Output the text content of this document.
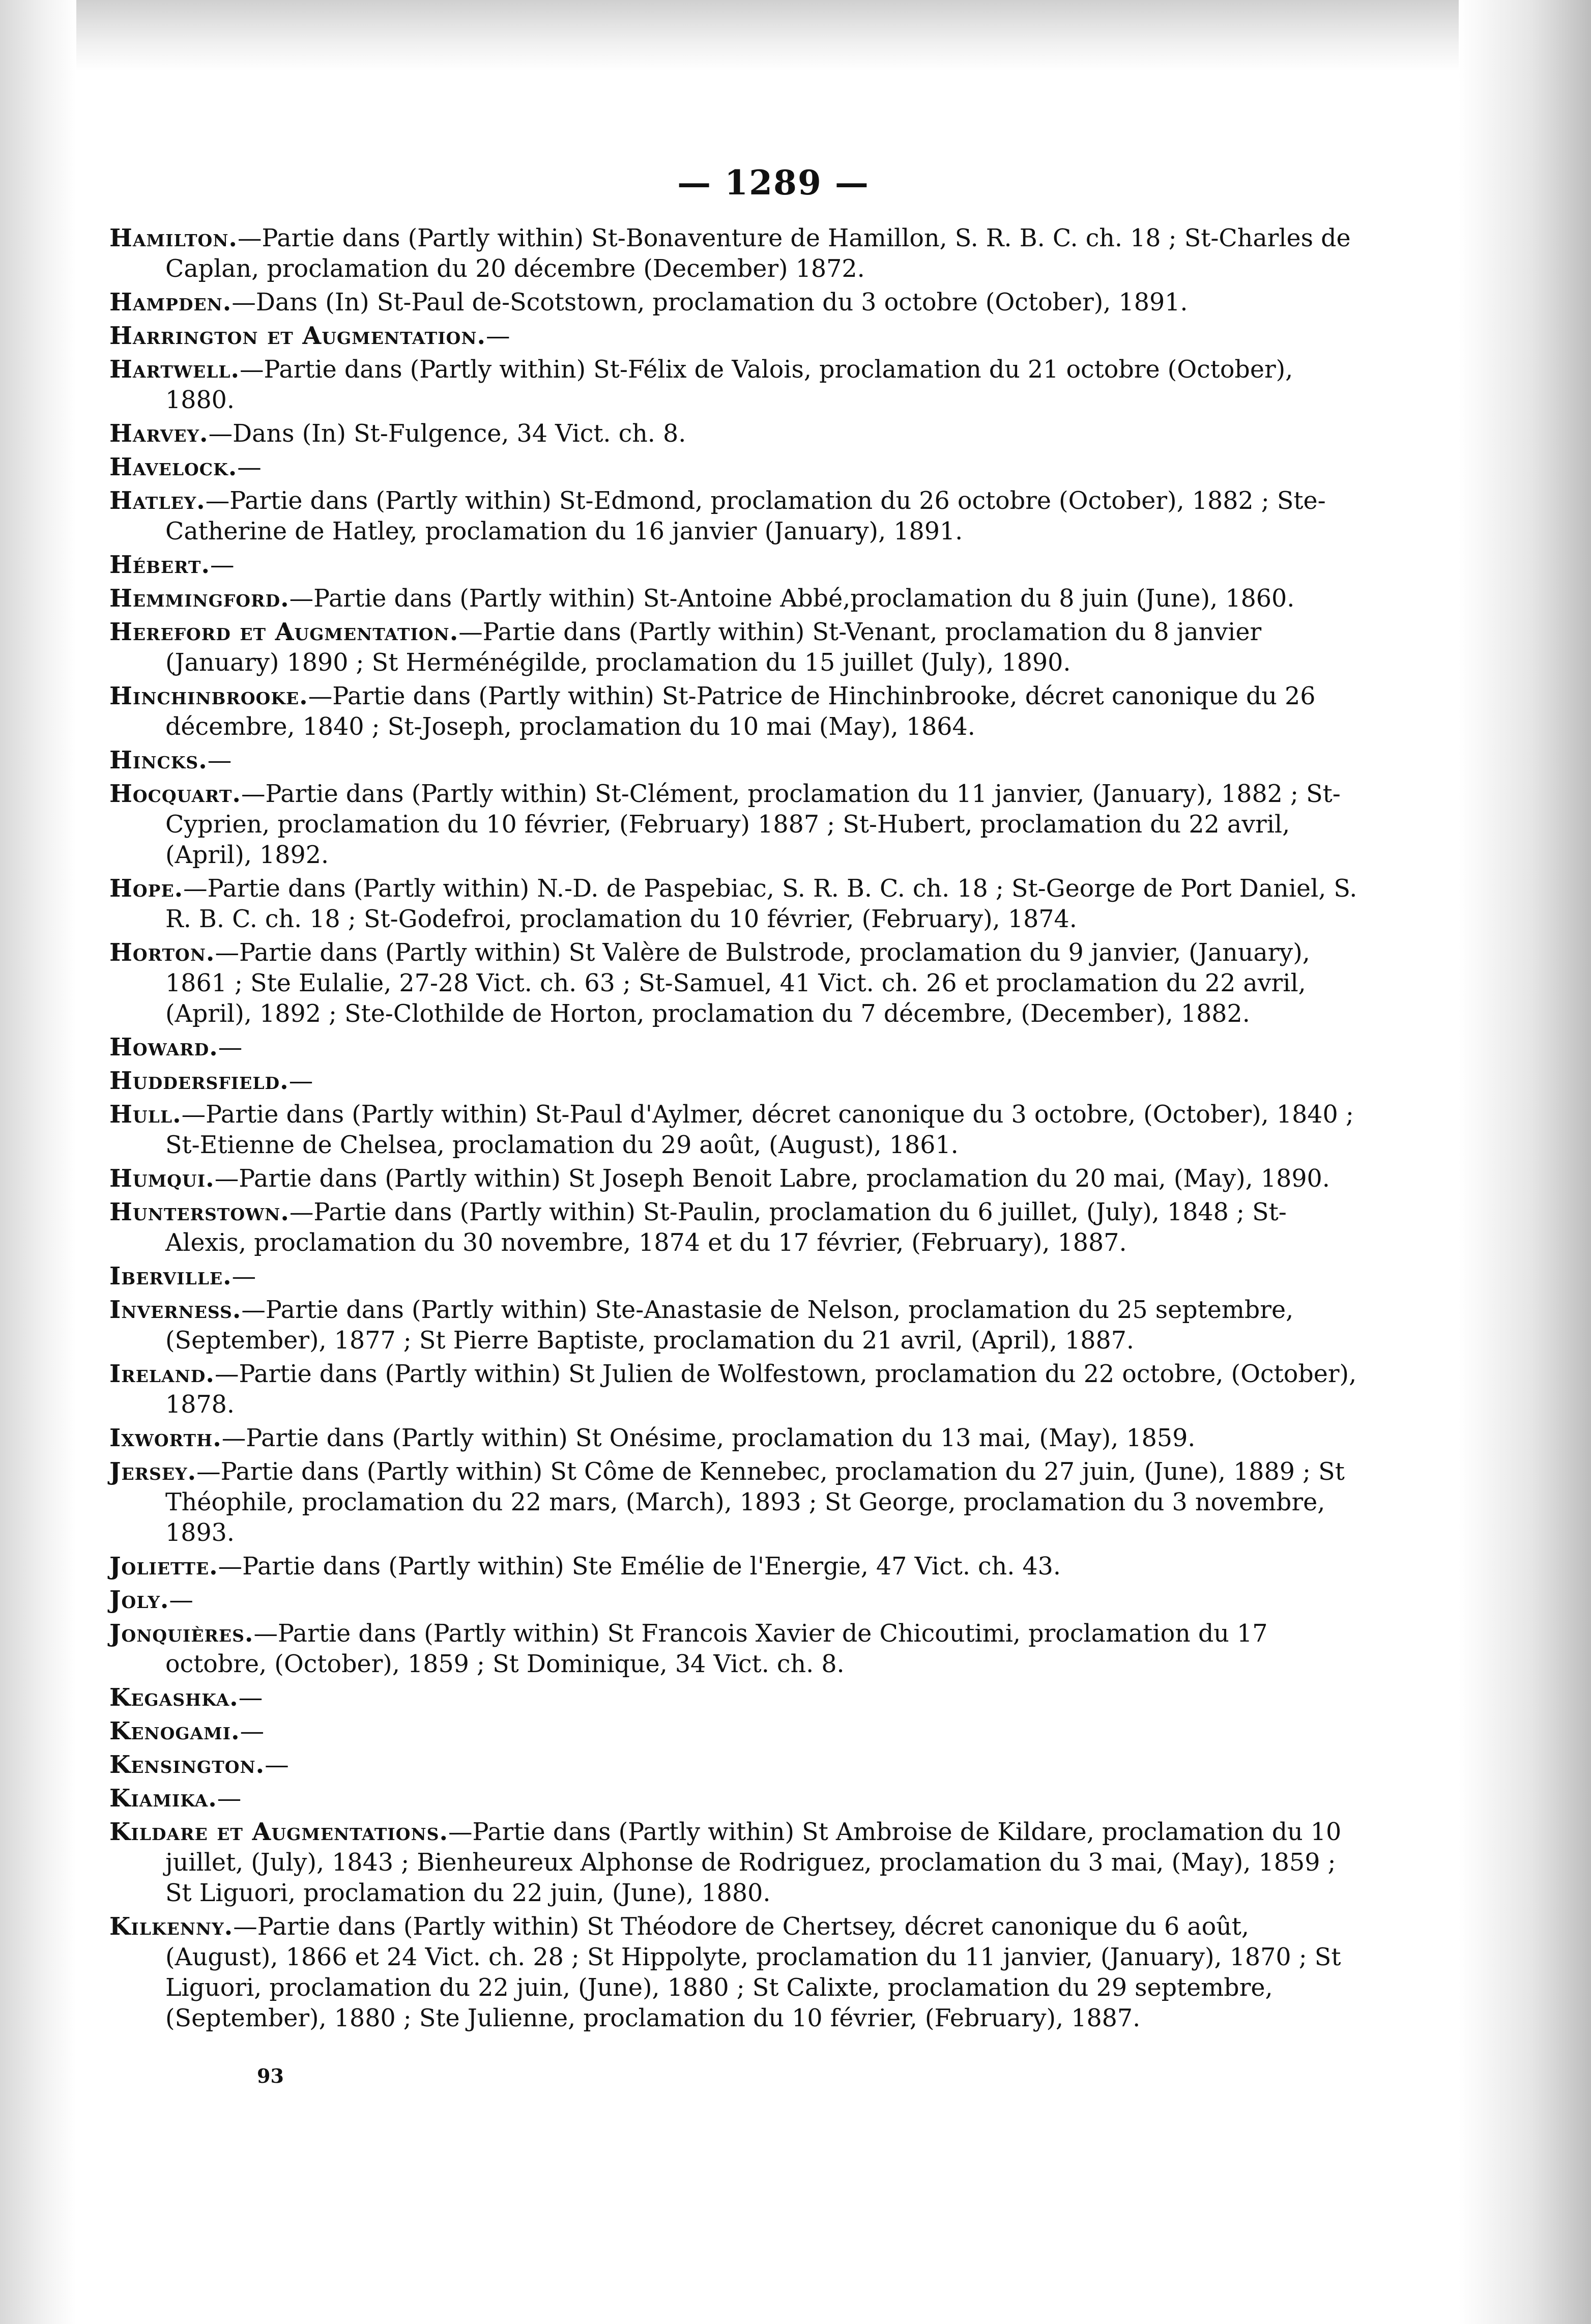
— 1289 —

Hamilton.—Partie dans (Partly within) St-Bonaventure de Hamillon, S. R. B. C. ch. 18 ; St-Charles de Caplan, proclamation du 20 décembre (December) 1872.

Hampden.—Dans (In) St-Paul de-Scotstown, proclamation du 3 octobre (October), 1891.

Harrington et Augmentation.—

Hartwell.—Partie dans (Partly within) St-Félix de Valois, proclamation du 21 octobre (October), 1880.

Harvey.—Dans (In) St-Fulgence, 34 Vict. ch. 8.

Havelock.—

Hatley.—Partie dans (Partly within) St-Edmond, proclamation du 26 octobre (October), 1882 ; Ste-Catherine de Hatley, proclamation du 16 janvier (January), 1891.

Hébert.—

Hemmingford.—Partie dans (Partly within) St-Antoine Abbé,proclamation du 8 juin (June), 1860.

Hereford et Augmentation.—Partie dans (Partly within) St-Venant, proclamation du 8 janvier (January) 1890 ; St Herménégilde, proclamation du 15 juillet (July), 1890.

Hinchinbrooke.—Partie dans (Partly within) St-Patrice de Hinchinbrooke, décret canonique du 26 décembre, 1840 ; St-Joseph, proclamation du 10 mai (May), 1864.

Hincks.—

Hocquart.—Partie dans (Partly within) St-Clément, proclamation du 11 janvier, (January), 1882 ; St-Cyprien, proclamation du 10 février, (February) 1887 ; St-Hubert, proclamation du 22 avril, (April), 1892.

Hope.—Partie dans (Partly within) N.-D. de Paspebiac, S. R. B. C. ch. 18 ; St-George de Port Daniel, S. R. B. C. ch. 18 ; St-Godefroi, proclamation du 10 février, (February), 1874.

Horton.—Partie dans (Partly within) St Valère de Bulstrode, proclamation du 9 janvier, (January), 1861 ; Ste Eulalie, 27-28 Vict. ch. 63 ; St-Samuel, 41 Vict. ch. 26 et proclamation du 22 avril, (April), 1892 ; Ste-Clothilde de Horton, proclamation du 7 décembre, (December), 1882.

Howard.—

Huddersfield.—

Hull.—Partie dans (Partly within) St-Paul d'Aylmer, décret canonique du 3 octobre, (October), 1840 ; St-Etienne de Chelsea, proclamation du 29 août, (August), 1861.

Humqui.—Partie dans (Partly within) St Joseph Benoit Labre, proclamation du 20 mai, (May), 1890.

Hunterstown.—Partie dans (Partly within) St-Paulin, proclamation du 6 juillet, (July), 1848 ; St-Alexis, proclamation du 30 novembre, 1874 et du 17 février, (February), 1887.

Iberville.—

Inverness.—Partie dans (Partly within) Ste-Anastasie de Nelson, proclamation du 25 septembre, (September), 1877 ; St Pierre Baptiste, proclamation du 21 avril, (April), 1887.

Ireland.—Partie dans (Partly within) St Julien de Wolfestown, proclamation du 22 octobre, (October), 1878.

Ixworth.—Partie dans (Partly within) St Onésime, proclamation du 13 mai, (May), 1859.

Jersey.—Partie dans (Partly within) St Côme de Kennebec, proclamation du 27 juin, (June), 1889 ; St Théophile, proclamation du 22 mars, (March), 1893 ; St George, proclamation du 3 novembre, 1893.

Joliette.—Partie dans (Partly within) Ste Emélie de l'Energie, 47 Vict. ch. 43.

Joly.—

Jonquières.—Partie dans (Partly within) St Francois Xavier de Chicoutimi, proclamation du 17 octobre, (October), 1859 ; St Dominique, 34 Vict. ch. 8.

Kegashka.—

Kenogami.—

Kensington.—

Kiamika.—

Kildare et Augmentations.—Partie dans (Partly within) St Ambroise de Kildare, proclamation du 10 juillet, (July), 1843 ; Bienheureux Alphonse de Rodriguez, proclamation du 3 mai, (May), 1859 ; St Liguori, proclamation du 22 juin, (June), 1880.

Kilkenny.—Partie dans (Partly within) St Théodore de Chertsey, décret canonique du 6 août, (August), 1866 et 24 Vict. ch. 28 ; St Hippolyte, proclamation du 11 janvier, (January), 1870 ; St Liguori, proclamation du 22 juin, (June), 1880 ; St Calixte, proclamation du 29 septembre, (September), 1880 ; Ste Julienne, proclamation du 10 février, (February), 1887.

93
